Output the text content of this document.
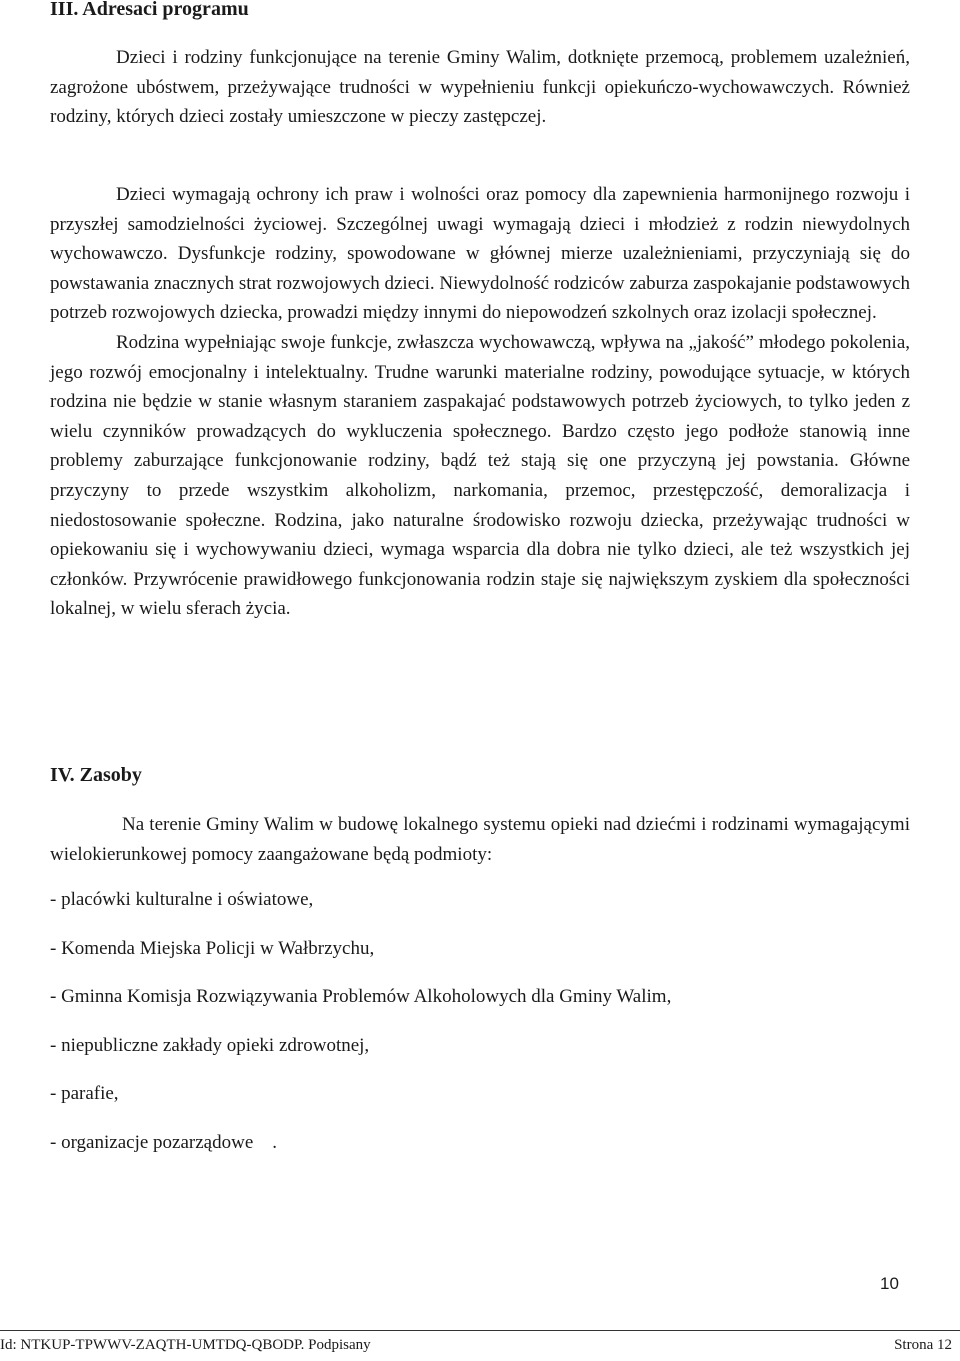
III. Adresaci programu

Dzieci i rodziny funkcjonujące na terenie Gminy Walim, dotknięte przemocą, problemem uzależnień, zagrożone ubóstwem, przeżywające trudności w wypełnieniu funkcji opiekuńczo-wychowawczych. Również rodziny, których dzieci zostały umieszczone w pieczy zastępczej.

Dzieci wymagają ochrony ich praw i wolności oraz pomocy dla zapewnienia harmonijnego rozwoju i przyszłej samodzielności życiowej. Szczególnej uwagi wymagają dzieci i młodzież z rodzin niewydolnych wychowawczo. Dysfunkcje rodziny, spowodowane w głównej mierze uzależnieniami, przyczyniają się do powstawania znacznych strat rozwojowych dzieci. Niewydolność rodziców zaburza zaspokajanie podstawowych potrzeb rozwojowych dziecka, prowadzi między innymi do niepowodzeń szkolnych oraz izolacji społecznej.
Rodzina wypełniając swoje funkcje, zwłaszcza wychowawczą, wpływa na „jakość” młodego pokolenia, jego rozwój emocjonalny i intelektualny. Trudne warunki materialne rodziny, powodujące sytuacje, w których rodzina nie będzie w stanie własnym staraniem zaspakajać podstawowych potrzeb życiowych, to tylko jeden z wielu czynników prowadzących do wykluczenia społecznego. Bardzo często jego podłoże stanowią inne problemy zaburzające funkcjonowanie rodziny, bądź też stają się one przyczyną jej powstania. Główne przyczyny to przede wszystkim alkoholizm, narkomania, przemoc, przestępczość, demoralizacja i niedostosowanie społeczne. Rodzina, jako naturalne środowisko rozwoju dziecka, przeżywając trudności w opiekowaniu się i wychowywaniu dzieci, wymaga wsparcia dla dobra nie tylko dzieci, ale też wszystkich jej członków. Przywrócenie prawidłowego funkcjonowania rodzin staje się największym zyskiem dla społeczności lokalnej, w wielu sferach życia.

IV. Zasoby

Na terenie Gminy Walim w budowę lokalnego systemu opieki nad dziećmi i rodzinami wymagającymi wielokierunkowej pomocy zaangażowane będą podmioty:

- placówki kulturalne i oświatowe,
- Komenda Miejska Policji w Wałbrzychu,
- Gminna Komisja Rozwiązywania Problemów Alkoholowych dla Gminy Walim,
- niepubliczne zakłady opieki zdrowotnej,
- parafie,
- organizacje pozarządowe    .
10
Id: NTKUP-TPWWV-ZAQTH-UMTDQ-QBODP. Podpisany	Strona 12
